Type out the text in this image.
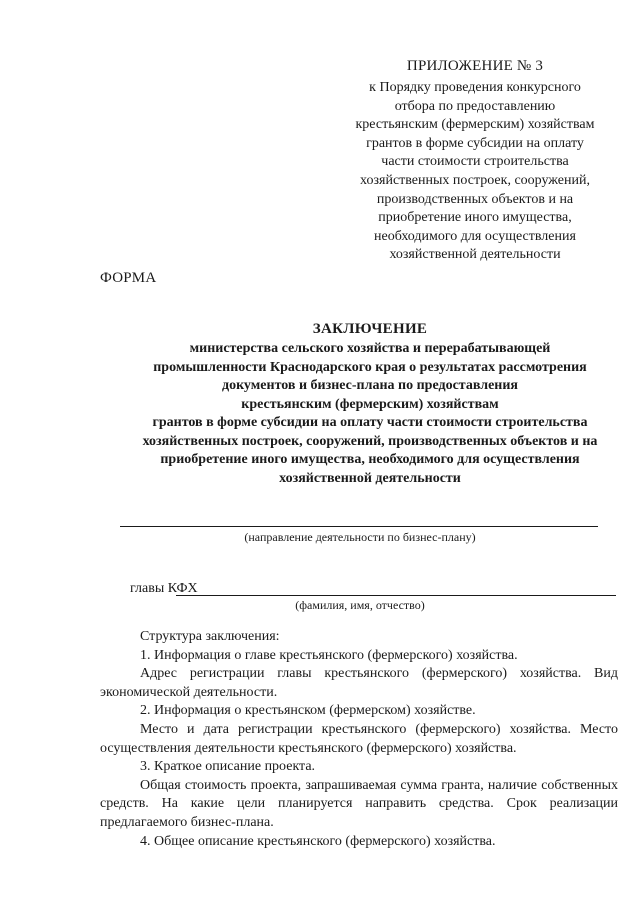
ПРИЛОЖЕНИЕ № 3
к Порядку проведения конкурсного
отбора по предоставлению
крестьянским (фермерским) хозяйствам
грантов в форме субсидии на оплату
части стоимости строительства
хозяйственных построек, сооружений,
производственных объектов и на
приобретение иного имущества,
необходимого для осуществления
хозяйственной деятельности
ФОРМА
ЗАКЛЮЧЕНИЕ
министерства сельского хозяйства и перерабатывающей
промышленности Краснодарского края о результатах рассмотрения
документов и бизнес-плана по предоставления
крестьянским (фермерским) хозяйствам
грантов в форме субсидии на оплату части стоимости строительства
хозяйственных построек, сооружений, производственных объектов и на
приобретение иного имущества, необходимого для осуществления
хозяйственной деятельности
(направление деятельности по бизнес-плану)
главы КФХ
(фамилия, имя, отчество)

Структура заключения:

1. Информация о главе крестьянского (фермерского) хозяйства.

Адрес регистрации главы крестьянского (фермерского) хозяйства. Вид экономической деятельности.

2. Информация о крестьянском (фермерском) хозяйстве.

Место и дата регистрации крестьянского (фермерского) хозяйства. Место осуществления деятельности крестьянского (фермерского) хозяйства.

3. Краткое описание проекта.

Общая стоимость проекта, запрашиваемая сумма гранта, наличие собственных средств. На какие цели планируется направить средства. Срок реализации предлагаемого бизнес-плана.

4. Общее описание крестьянского (фермерского) хозяйства.
